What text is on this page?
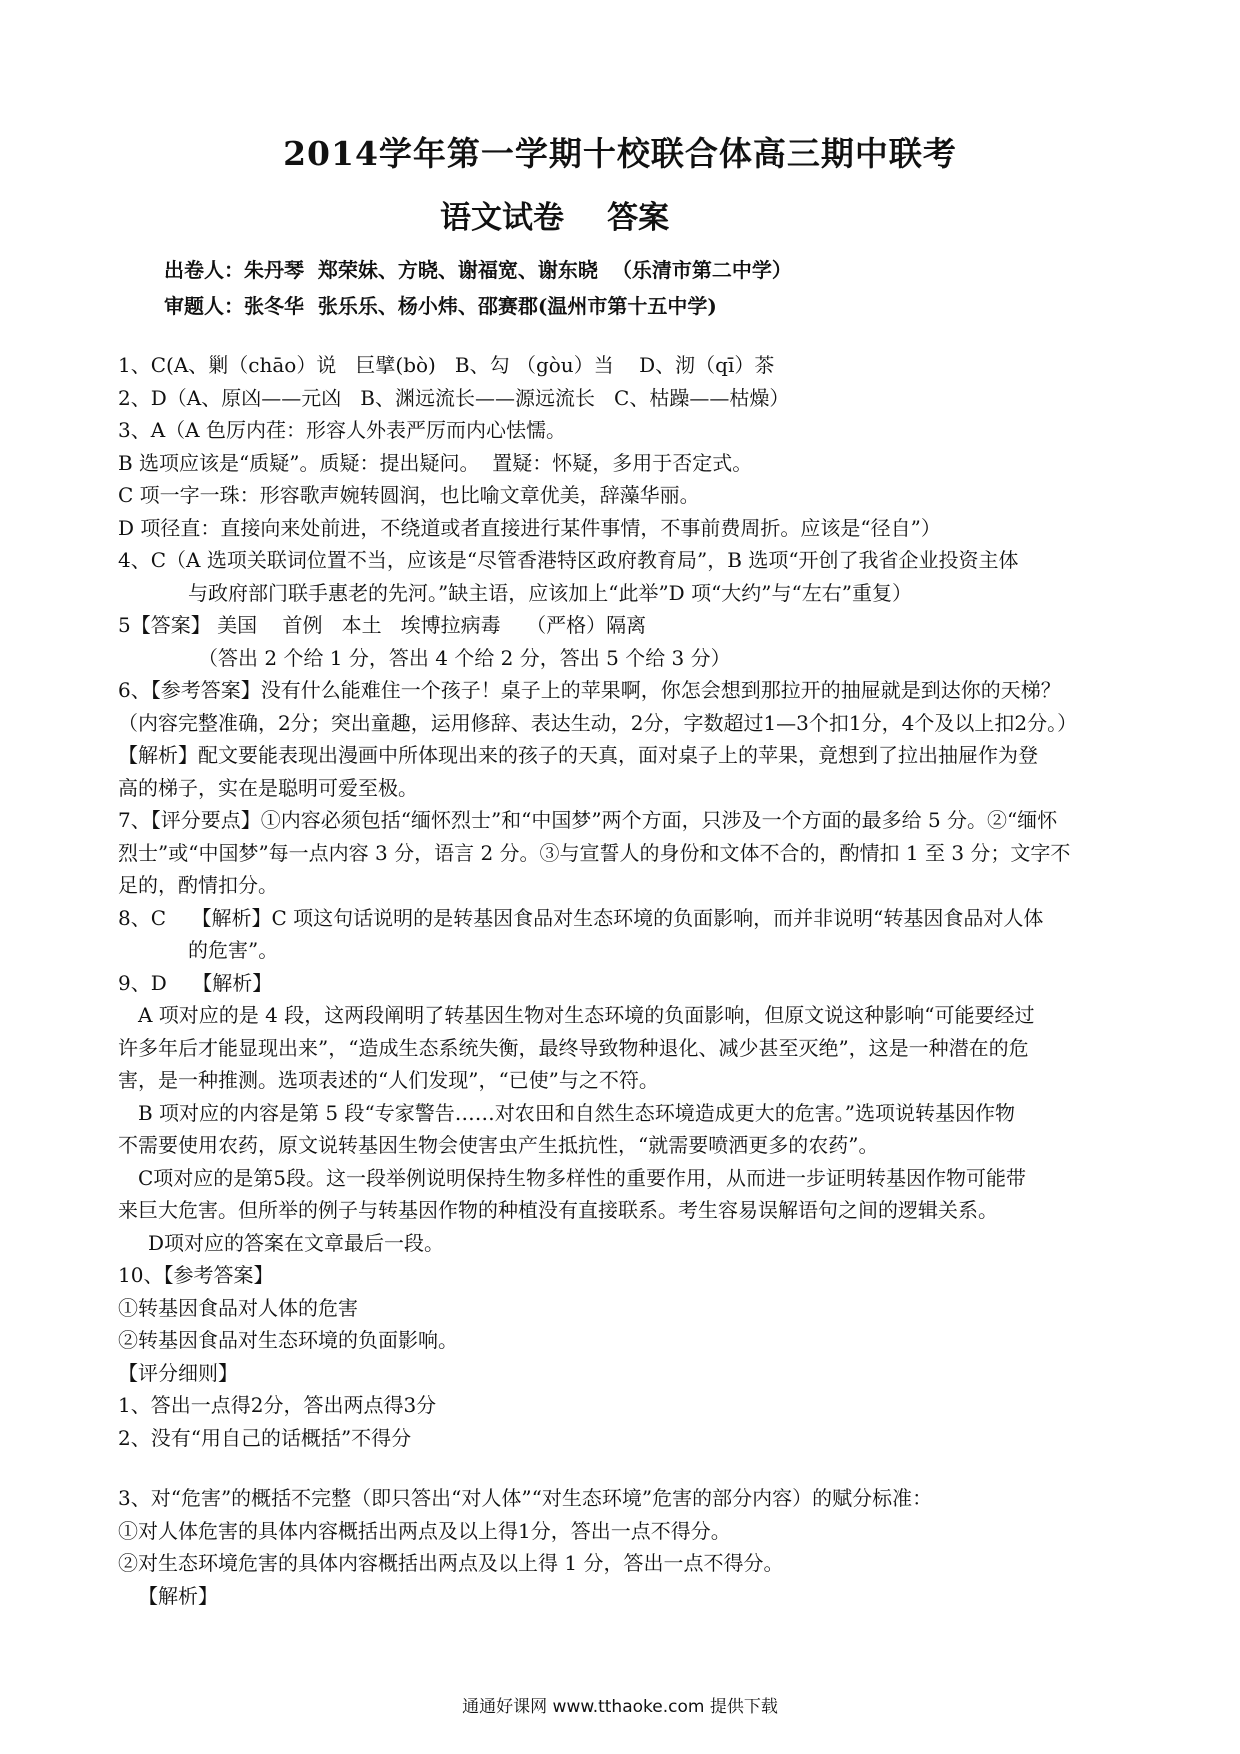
2014学年第一学期十校联合体高三期中联考
语文试卷    答案
出卷人：朱丹琴  郑荣妹、方晓、谢福宽、谢东晓  （乐清市第二中学）
审题人：张冬华  张乐乐、杨小炜、邵赛郡(温州市第十五中学)
1、C(A、剿（chāo）说   巨擘(bò)   B、勾 （gòu）当    D、沏（qī）茶
2、D（A、原凶——元凶   B、渊远流长——源远流长   C、枯躁——枯燥）
3、A（A 色厉内荏：形容人外表严厉而内心怯懦。
B 选项应该是“质疑”。质疑：提出疑问。  置疑：怀疑，多用于否定式。
C 项一字一珠：形容歌声婉转圆润，也比喻文章优美，辞藻华丽。
D 项径直：直接向来处前进，不绕道或者直接进行某件事情，不事前费周折。应该是“径自”）
4、C（A 选项关联词位置不当，应该是“尽管香港特区政府教育局”，B 选项“开创了我省企业投资主体
与政府部门联手惠老的先河。”缺主语，应该加上“此举”D 项“大约”与“左右”重复）
5【答案】 美国    首例   本土   埃博拉病毒    （严格）隔离
（答出 2 个给 1 分，答出 4 个给 2 分，答出 5 个给 3 分）
6、【参考答案】没有什么能难住一个孩子！桌子上的苹果啊，你怎会想到那拉开的抽屉就是到达你的天梯？
（内容完整准确，2分；突出童趣，运用修辞、表达生动，2分，字数超过1—3个扣1分，4个及以上扣2分。）
【解析】配文要能表现出漫画中所体现出来的孩子的天真，面对桌子上的苹果，竟想到了拉出抽屉作为登
高的梯子，实在是聪明可爱至极。
7、【评分要点】①内容必须包括“缅怀烈士”和“中国梦”两个方面，只涉及一个方面的最多给 5 分。②“缅怀
烈士”或“中国梦”每一点内容 3 分，语言 2 分。③与宣誓人的身份和文体不合的，酌情扣 1 至 3 分；文字不
足的，酌情扣分。
8、C    【解析】C 项这句话说明的是转基因食品对生态环境的负面影响，而并非说明“转基因食品对人体
的危害”。
9、D    【解析】
A 项对应的是 4 段，这两段阐明了转基因生物对生态环境的负面影响，但原文说这种影响“可能要经过
许多年后才能显现出来”，“造成生态系统失衡，最终导致物种退化、减少甚至灭绝”，这是一种潜在的危
害，是一种推测。选项表述的“人们发现”，“已使”与之不符。
B 项对应的内容是第 5 段“专家警告……对农田和自然生态环境造成更大的危害。”选项说转基因作物
不需要使用农药，原文说转基因生物会使害虫产生抵抗性，“就需要喷洒更多的农药”。
C项对应的是第5段。这一段举例说明保持生物多样性的重要作用，从而进一步证明转基因作物可能带
来巨大危害。但所举的例子与转基因作物的种植没有直接联系。考生容易误解语句之间的逻辑关系。
D项对应的答案在文章最后一段。
10、【参考答案】
①转基因食品对人体的危害
②转基因食品对生态环境的负面影响。
【评分细则】
1、答出一点得2分，答出两点得3分
2、没有“用自己的话概括”不得分
3、对“危害”的概括不完整（即只答出“对人体”“对生态环境”危害的部分内容）的赋分标准：
①对人体危害的具体内容概括出两点及以上得1分，答出一点不得分。
②对生态环境危害的具体内容概括出两点及以上得 1 分，答出一点不得分。
【解析】
通通好课网 www.tthaoke.com 提供下载
